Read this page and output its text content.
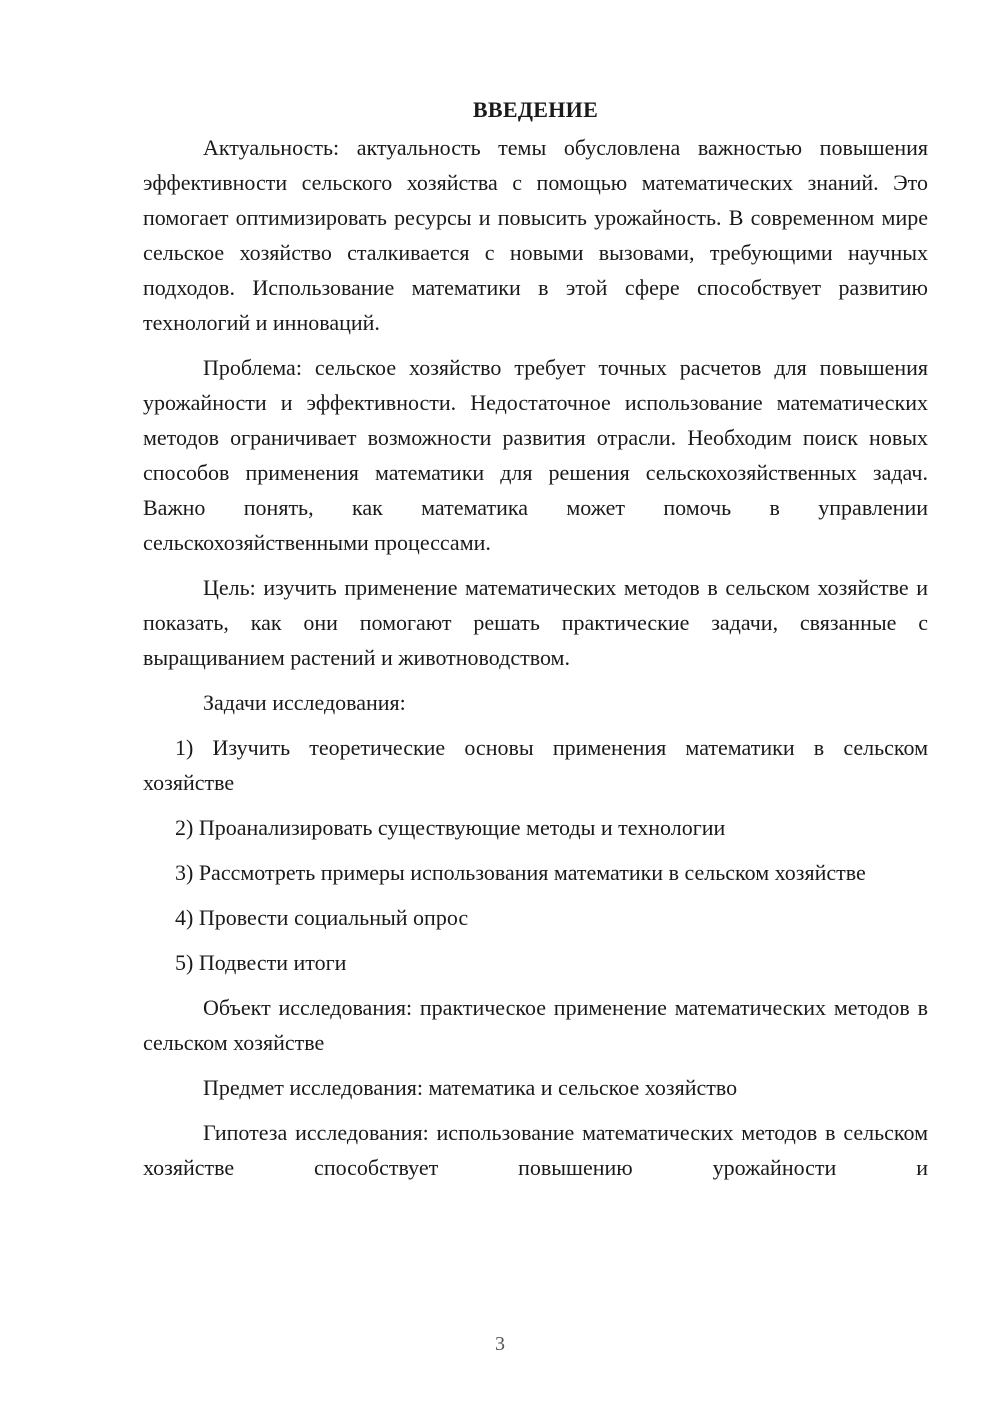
ВВЕДЕНИЕ

Актуальность: актуальность темы обусловлена важностью повышения эффективности сельского хозяйства с помощью математических знаний. Это помогает оптимизировать ресурсы и повысить урожайность. В современном мире сельское хозяйство сталкивается с новыми вызовами, требующими научных подходов. Использование математики в этой сфере способствует развитию технологий и инноваций.

Проблема: сельское хозяйство требует точных расчетов для повышения урожайности и эффективности. Недостаточное использование математических методов ограничивает возможности развития отрасли. Необходим поиск новых способов применения математики для решения сельскохозяйственных задач. Важно понять, как математика может помочь в управлении сельскохозяйственными процессами.

Цель: изучить применение математических методов в сельском хозяйстве и показать, как они помогают решать практические задачи, связанные с выращиванием растений и животноводством.

Задачи исследования:

1) Изучить теоретические основы применения математики в сельском хозяйстве

2) Проанализировать существующие методы и технологии

3) Рассмотреть примеры использования математики в сельском хозяйстве

4) Провести социальный опрос

5) Подвести итоги

Объект исследования: практическое применение математических методов в сельском хозяйстве

Предмет исследования: математика и сельское хозяйство

Гипотеза исследования: использование математических методов в сельском хозяйстве способствует повышению урожайности и

3
